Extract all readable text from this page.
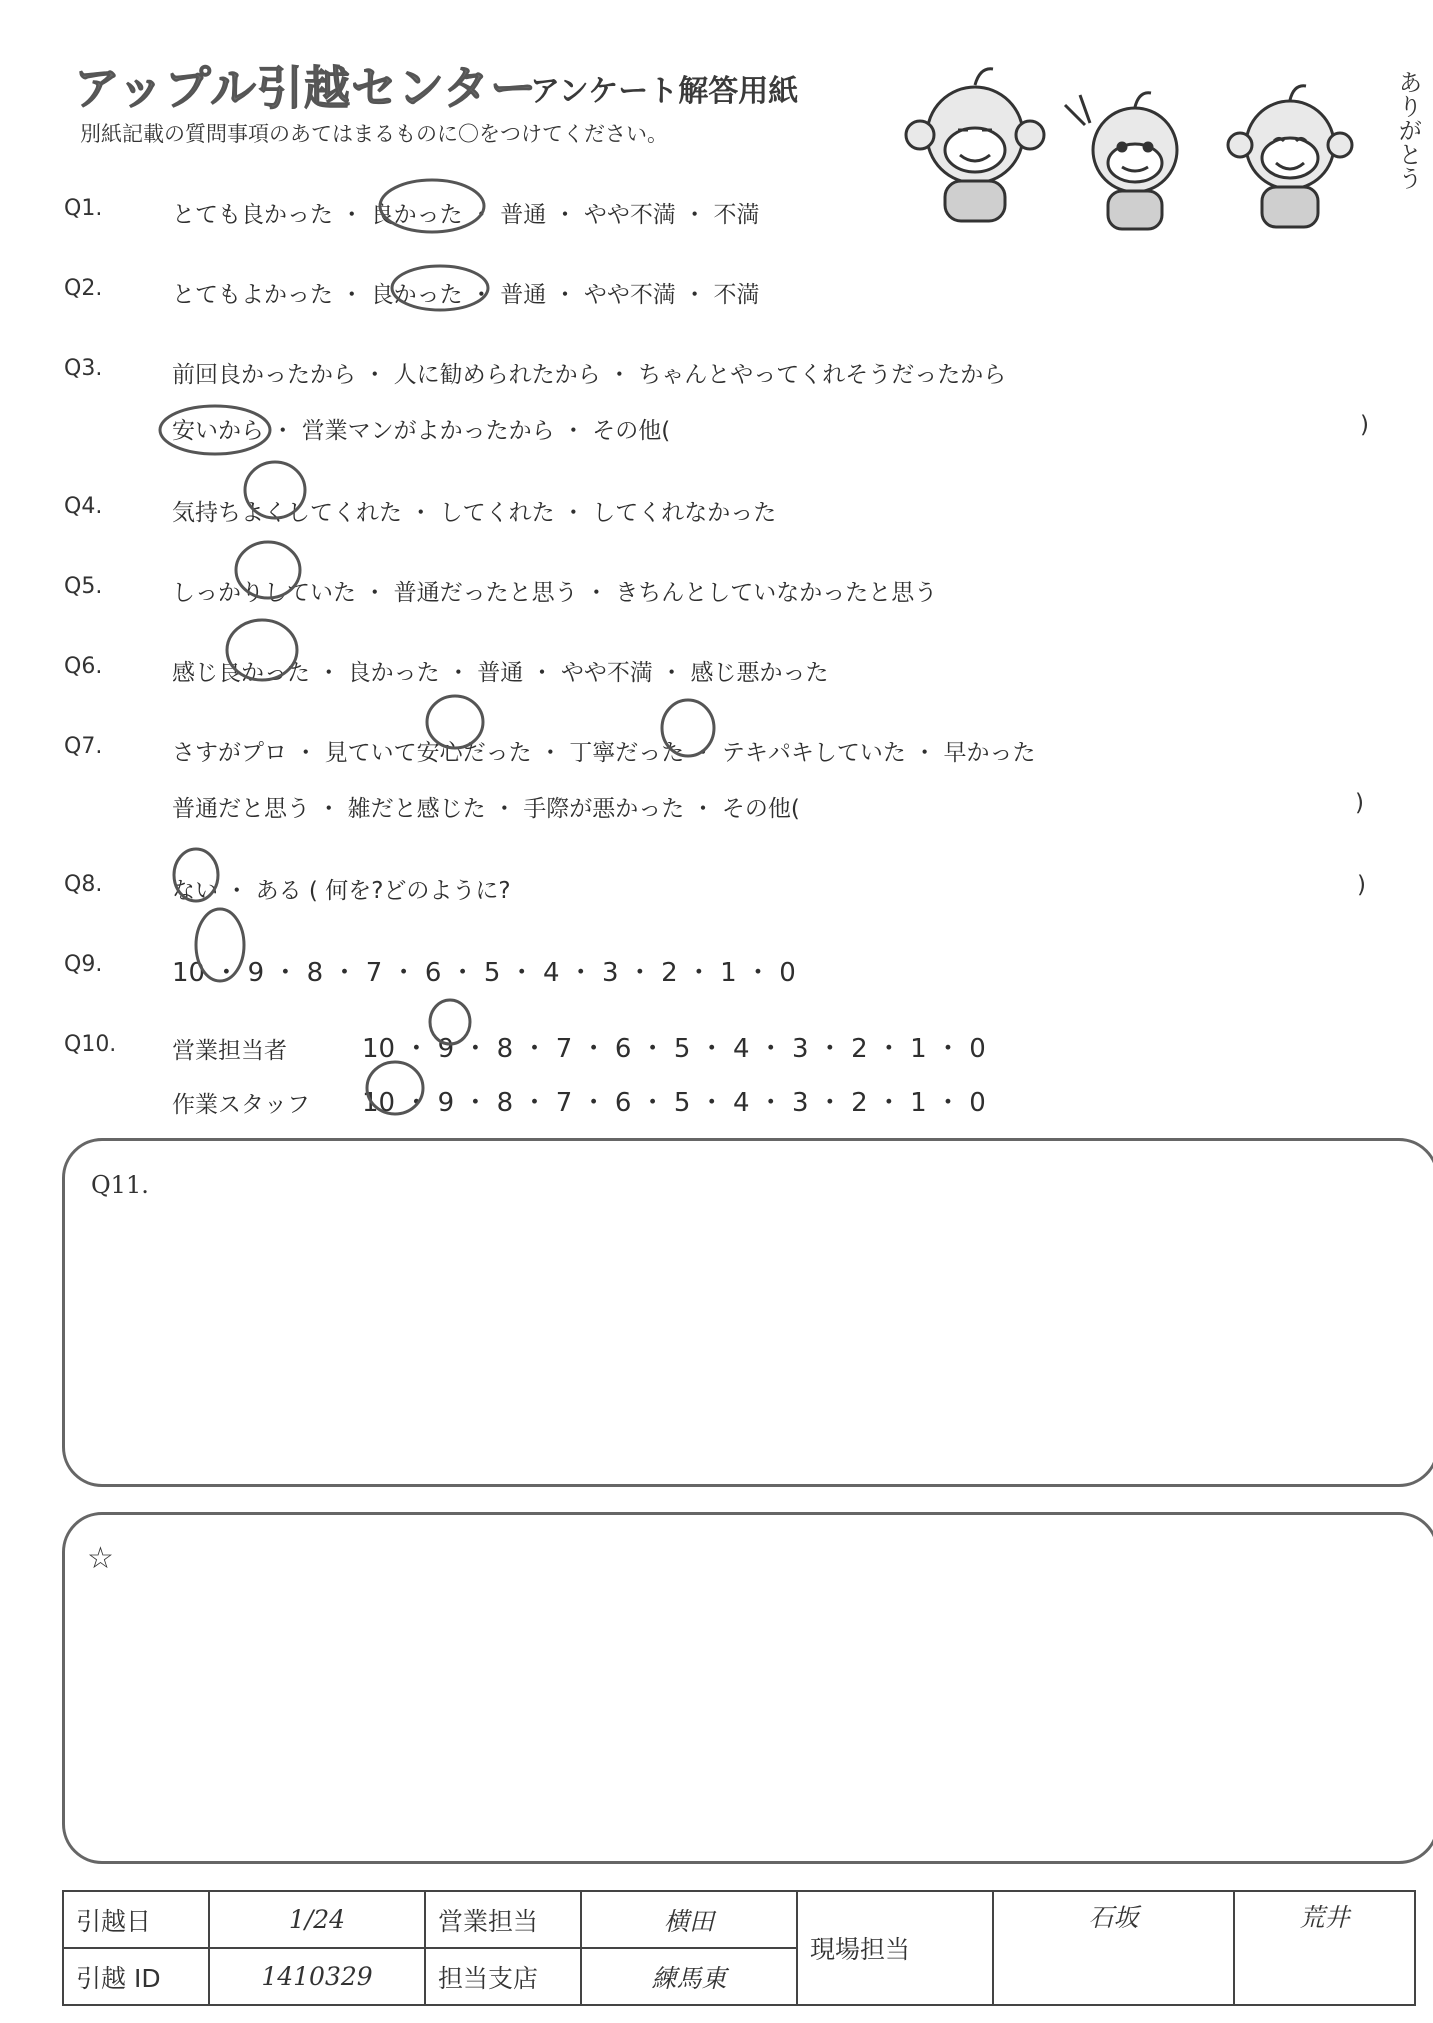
アップル引越センター
アンケート解答用紙
別紙記載の質問事項のあてはまるものに〇をつけてください。	ありがとう
Q1.	とても良かった ・ 良かった ・ 普通 ・ やや不満 ・ 不満
Q2.	とてもよかった ・ 良かった ・ 普通 ・ やや不満 ・ 不満
Q3.	前回良かったから ・ 人に勧められたから ・ ちゃんとやってくれそうだったから
安いから ・ 営業マンがよかったから ・ その他(	)
Q4.	気持ちよくしてくれた ・ してくれた ・ してくれなかった
Q5.	しっかりしていた ・ 普通だったと思う ・ きちんとしていなかったと思う
Q6.	感じ良かった ・ 良かった ・ 普通 ・ やや不満 ・ 感じ悪かった
Q7.	さすがプロ ・ 見ていて安心だった ・ 丁寧だった ・ テキパキしていた ・ 早かった
普通だと思う ・ 雑だと感じた ・ 手際が悪かった ・ その他(	)
Q8.	ない ・ ある ( 何を?どのように?	)
Q9.	10 ・ 9 ・ 8 ・ 7 ・ 6 ・ 5 ・ 4 ・ 3 ・ 2 ・ 1 ・ 0
Q10. 営業担当者	10 ・ 9 ・ 8 ・ 7 ・ 6 ・ 5 ・ 4 ・ 3 ・ 2 ・ 1 ・ 0
作業スタッフ 10 ・ 9 ・ 8 ・ 7 ・ 6 ・ 5 ・ 4 ・ 3 ・ 2 ・ 1 ・ 0
Q11.
☆
引越日	1/24	営業担当	横田	現場担当	石坂	荒井
引越 ID	1410329	担当支店	練馬東			
